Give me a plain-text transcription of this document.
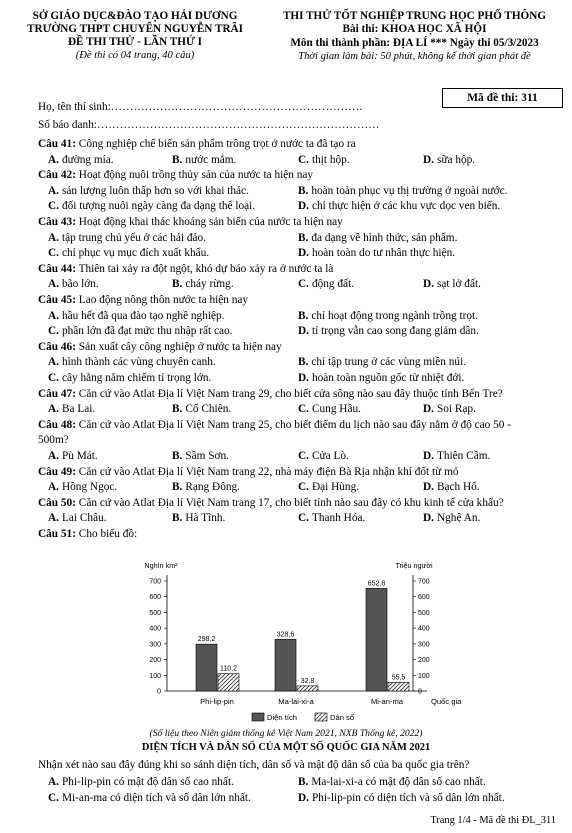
SỞ GIÁO DỤC&ĐÀO TẠO HẢI DƯƠNG
TRƯỜNG THPT CHUYÊN NGUYỄN TRÃI
ĐỀ THI THỬ - LẦN THỨ I
(Đề thi có 04 trang, 40 câu)
THI THỬ TỐT NGHIỆP TRUNG HỌC PHỔ THÔNG
Bài thi: KHOA HỌC XÃ HỘI
Môn thi thành phần: ĐỊA LÍ *** Ngày thi 05/3/2023
Thời gian làm bài: 50 phút, không kể thời gian phát đề
Mã đề thi: 311
Họ, tên thí sinh:………………………………………………………….
Số báo danh:…………………………………………………………………
Câu 41: Công nghiệp chế biến sản phẩm trồng trọt ở nước ta đã tạo ra
A. đường mía.	B. nước mắm.	C. thịt hộp.	D. sữa hộp.
Câu 42: Hoạt động nuôi trồng thủy sản của nước ta hiện nay
A. sản lượng luôn thấp hơn so với khai thác.	B. hoàn toàn phục vụ thị trường ở ngoài nước.
C. đối tượng nuôi ngày càng đa dạng thể loại.	D. chỉ thực hiện ở các khu vực dọc ven biển.
Câu 43: Hoạt động khai thác khoáng sản biển của nước ta hiện nay
A. tập trung chủ yếu ở các hải đảo.	B. đa dạng về hình thức, sản phẩm.
C. chỉ phục vụ mục đích xuất khẩu.	D. hoàn toàn do tư nhân thực hiện.
Câu 44: Thiên tai xảy ra đột ngột, khó dự báo xảy ra ở nước ta là
A. bão lớn.	B. cháy rừng.	C. động đất.	D. sạt lở đất.
Câu 45: Lao động nông thôn nước ta hiện nay
A. hầu hết đã qua đào tạo nghề nghiệp.	B. chỉ hoạt động trong ngành trồng trọt.
C. phần lớn đã đạt mức thu nhập rất cao.	D. tỉ trọng vẫn cao song đang giảm dần.
Câu 46: Sản xuất cây công nghiệp ở nước ta hiện nay
A. hình thành các vùng chuyên canh.	B. chỉ tập trung ở các vùng miền núi.
C. cây hằng năm chiếm tỉ trọng lớn.	D. hoàn toàn nguồn gốc từ nhiệt đới.
Câu 47: Căn cứ vào Atlat Địa lí Việt Nam trang 29, cho biết cửa sông nào sau đây thuộc tỉnh Bến Tre?
A. Ba Lai.	B. Cổ Chiên.	C. Cung Hầu.	D. Soi Rạp.
Câu 48: Căn cứ vào Atlat Địa lí Việt Nam trang 25, cho biết điểm du lịch nào sau đây nằm ở độ cao 50 -
500m?
A. Pù Mát.	B. Sầm Sơn.	C. Cửa Lò.	D. Thiên Cầm.
Câu 49: Căn cứ vào Atlat Địa lí Việt Nam trang 22, nhà máy điện Bà Rịa nhận khí đốt từ mỏ
A. Hồng Ngọc.	B. Rạng Đông.	C. Đại Hùng.	D. Bạch Hổ.
Câu 50: Căn cứ vào Atlat Địa lí Việt Nam trang 17, cho biết tỉnh nào sau đây có khu kinh tế cửa khẩu?
A. Lai Châu.	B. Hà Tĩnh.	C. Thanh Hóa.	D. Nghệ An.
Câu 51: Cho biểu đồ:
0	0
100	100
200	200
300	300
400	400
500	500
600	600
700	700
Nghìn km²	Triệu người
298,2
110,2
Phi-lip-pin
328,6
32,8
Ma-lai-xi-a
652,8
55,5
Mi-an-ma	Quốc gia
Diện tích	Dân số
(Số liệu theo Niên giám thống kê Việt Nam 2021, NXB Thống kê, 2022)
DIỆN TÍCH VÀ DÂN SỐ CỦA MỘT SỐ QUỐC GIA NĂM 2021
Nhận xét nào sau đây đúng khi so sánh diện tích, dân số và mật độ dân số của ba quốc gia trên?
A. Phi-lip-pin có mật độ dân số cao nhất.	B. Ma-lai-xi-a có mật độ dân số cao nhất.
C. Mi-an-ma có diện tích và số dân lớn nhất.	D. Phi-lip-pin có diện tích và số dân lớn nhất.
Trang 1/4 - Mã đề thi ĐL_311
